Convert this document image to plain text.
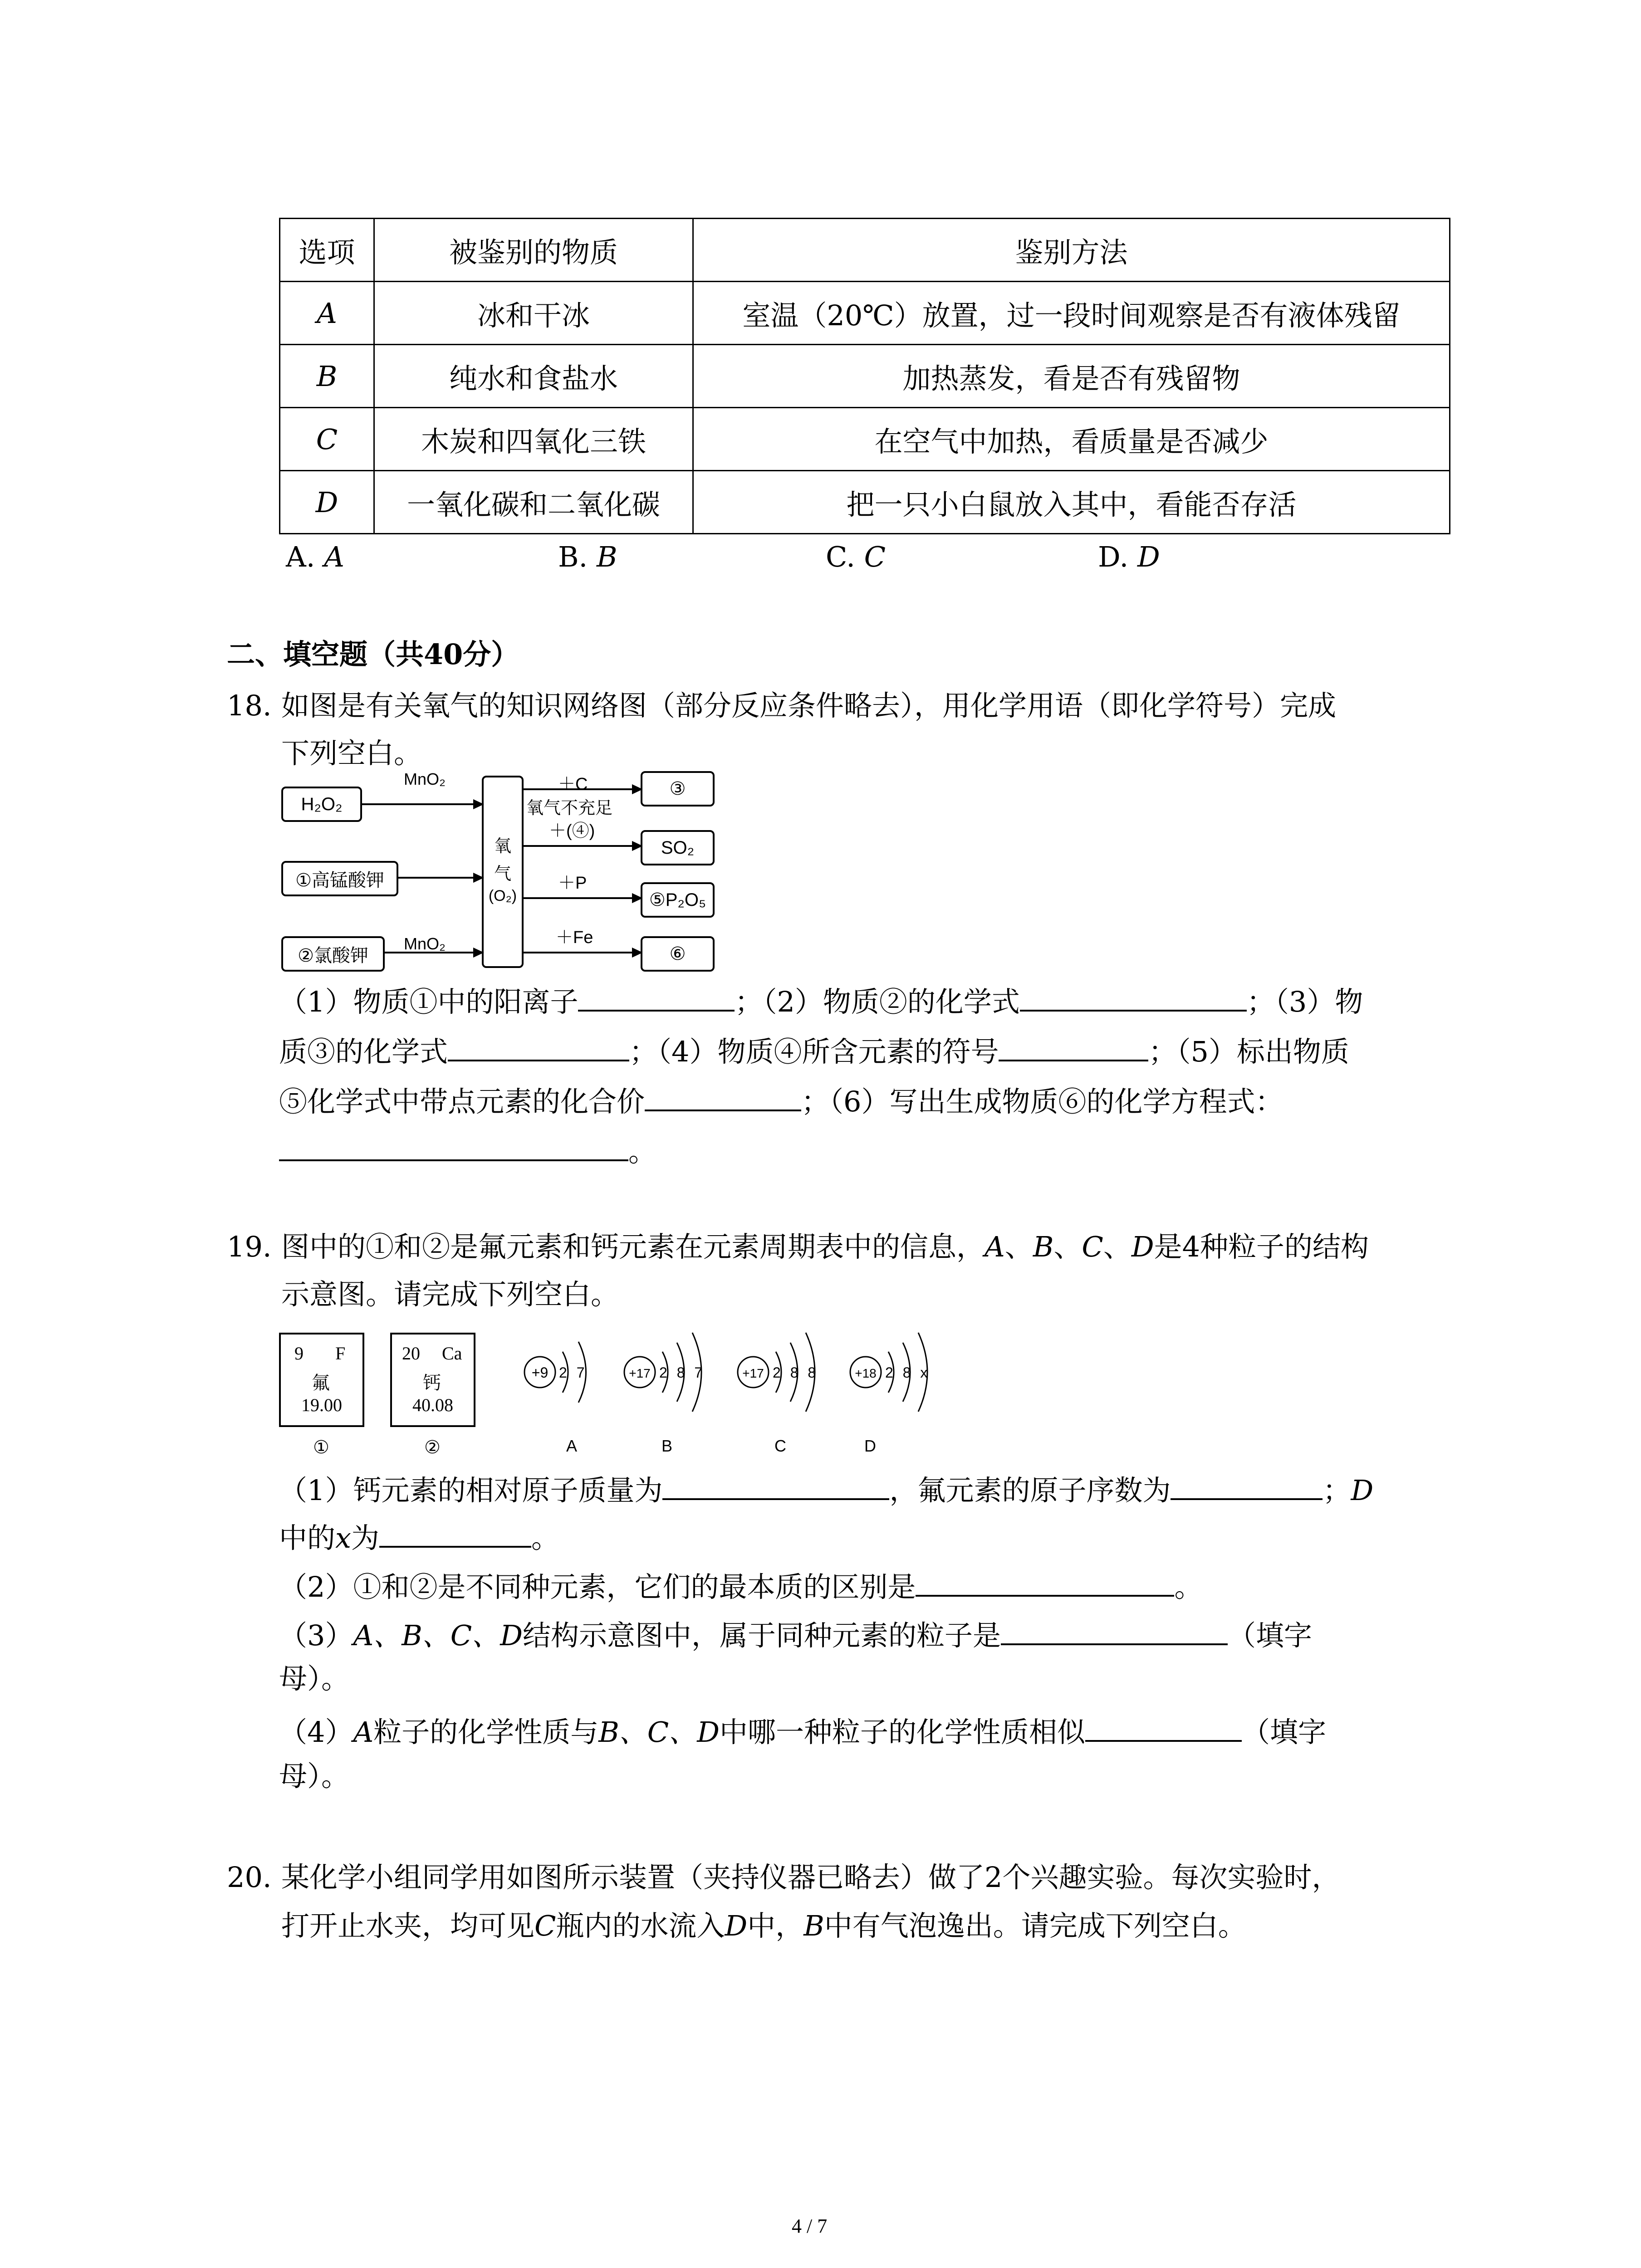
选项	被鉴别的物质	鉴别方法
A	冰和干冰	室温（20℃）放置，过一段时间观察是否有液体残留
B	纯水和食盐水	加热蒸发，看是否有残留物
C	木炭和四氧化三铁	在空气中加热，看质量是否减少
D	一氧化碳和二氧化碳	把一只小白鼠放入其中，看能否存活
A. A	B. B	C. C	D. D
二、填空题（共40分）
18. 如图是有关氧气的知识网络图（部分反应条件略去），用化学用语（即化学符号）完成
下列空白。
H₂O₂
①高锰酸钾
②氯酸钾
MnO₂
MnO₂
氧
气
(O₂)
＋C
氧气不充足
＋(④)
＋P
＋Fe
③
SO₂
⑤P₂O₅
⑥
（1）物质①中的阳离子	；（2）物质②的化学式	；（3）物
质③的化学式	；（4）物质④所含元素的符号	；（5）标出物质
⑤化学式中带点元素的化合价	；（6）写出生成物质⑥的化学方程式：
。
19. 图中的①和②是氟元素和钙元素在元素周期表中的信息，A、B、C、D是4种粒子的结构
示意图。请完成下列空白。
9 F
氟
19.00
①
20 Ca
钙
40.08
②
+9 2 7	+17 2 8 7	+17 2 8 8	+18 2 8 x
A	B	C	D
（1）钙元素的相对原子质量为	，氟元素的原子序数为	；D
中的x为	。
（2）①和②是不同种元素，它们的最本质的区别是	。
（3）A、B、C、D结构示意图中，属于同种元素的粒子是	（填字
母）。
（4）A粒子的化学性质与B、C、D中哪一种粒子的化学性质相似	（填字
母）。
20. 某化学小组同学用如图所示装置（夹持仪器已略去）做了2个兴趣实验。每次实验时，
打开止水夹，均可见C瓶内的水流入D中，B中有气泡逸出。请完成下列空白。
4 / 7
